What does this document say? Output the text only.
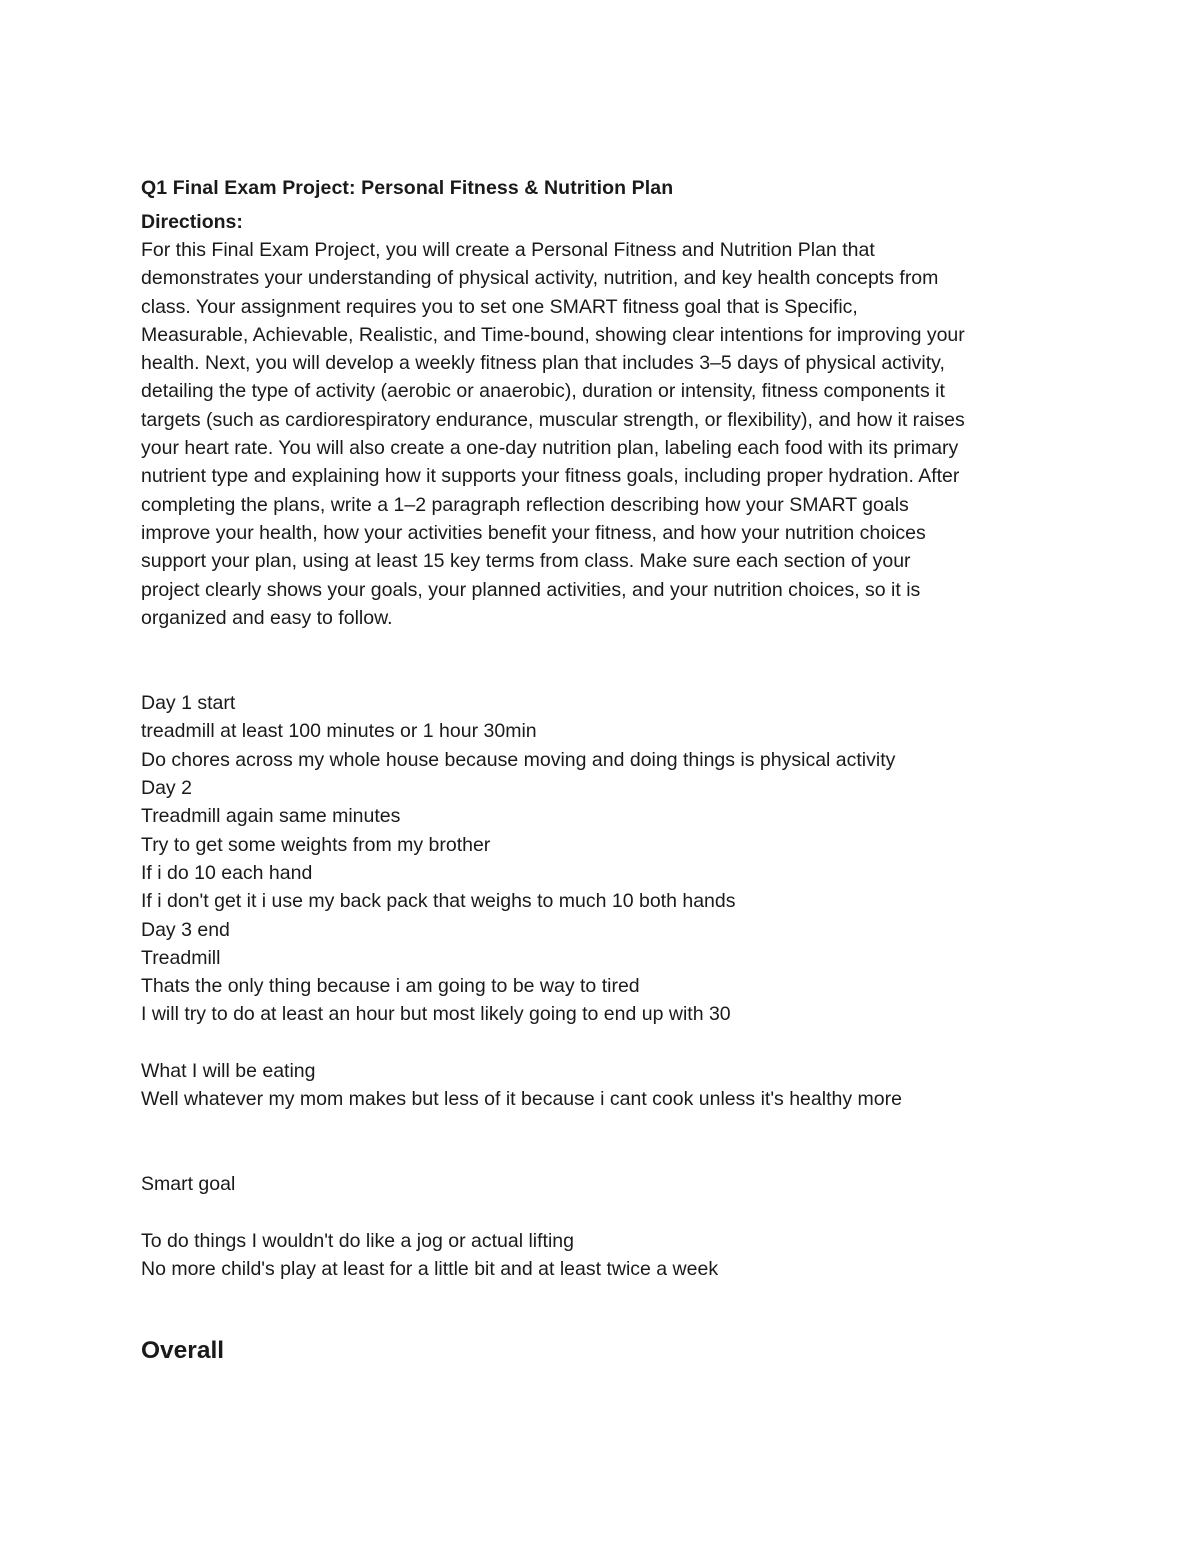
Q1 Final Exam Project: Personal Fitness & Nutrition Plan

Directions:

For this Final Exam Project, you will create a Personal Fitness and Nutrition Plan that
demonstrates your understanding of physical activity, nutrition, and key health concepts from
class. Your assignment requires you to set one SMART fitness goal that is Specific,
Measurable, Achievable, Realistic, and Time-bound, showing clear intentions for improving your
health. Next, you will develop a weekly fitness plan that includes 3–5 days of physical activity,
detailing the type of activity (aerobic or anaerobic), duration or intensity, fitness components it
targets (such as cardiorespiratory endurance, muscular strength, or flexibility), and how it raises
your heart rate. You will also create a one-day nutrition plan, labeling each food with its primary
nutrient type and explaining how it supports your fitness goals, including proper hydration. After
completing the plans, write a 1–2 paragraph reflection describing how your SMART goals
improve your health, how your activities benefit your fitness, and how your nutrition choices
support your plan, using at least 15 key terms from class. Make sure each section of your
project clearly shows your goals, your planned activities, and your nutrition choices, so it is
organized and easy to follow.
Day 1 start
treadmill at least 100 minutes or 1 hour 30min
Do chores across my whole house because moving and doing things is physical activity
Day 2
Treadmill again same minutes
Try to get some weights from my brother
If i do 10 each hand
If i don't get it i use my back pack that weighs to much 10 both hands
Day 3 end
Treadmill
Thats the only thing because i am going to be way to tired
I will try to do at least an hour but most likely going to end up with 30
What I will be eating
Well whatever my mom makes but less of it because i cant cook unless it's healthy more
Smart goal
To do things I wouldn't do like a jog or actual lifting
No more child's play at least for a little bit and at least twice a week

Overall
